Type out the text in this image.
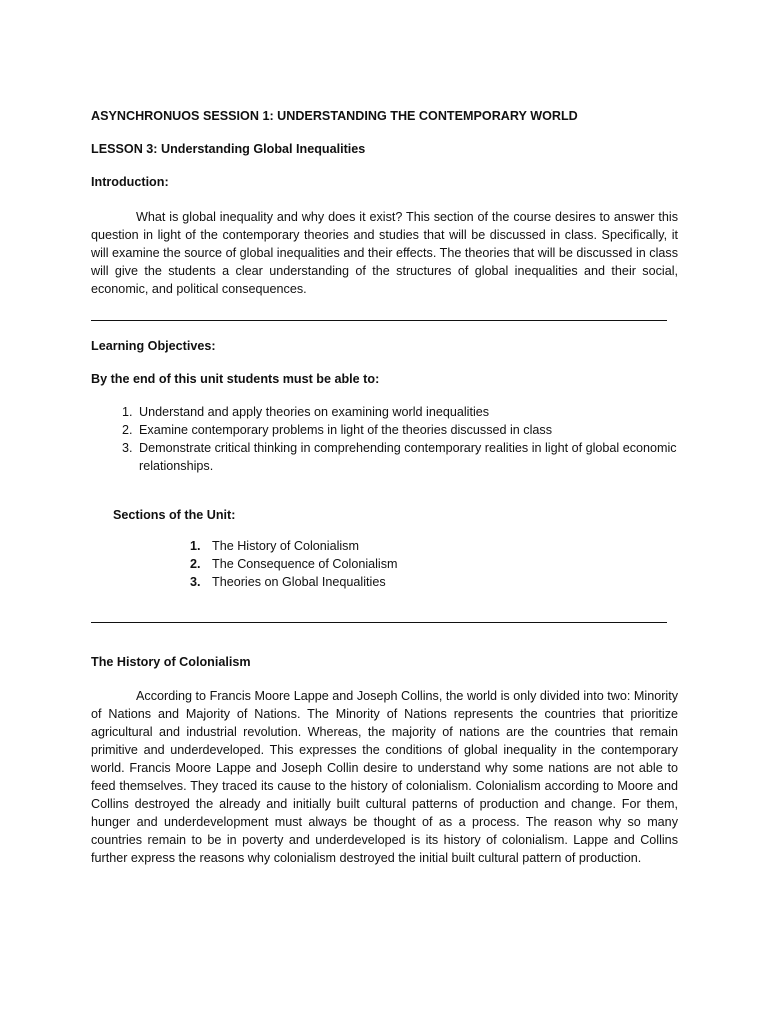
ASYNCHRONUOS SESSION 1: UNDERSTANDING THE CONTEMPORARY WORLD

LESSON 3: Understanding Global Inequalities

Introduction:

What is global inequality and why does it exist? This section of the course desires to answer this question in light of the contemporary theories and studies that will be discussed in class. Specifically, it will examine the source of global inequalities and their effects. The theories that will be discussed in class will give the students a clear understanding of the structures of global inequalities and their social, economic, and political consequences.

Learning Objectives:

By the end of this unit students must be able to:

1. Understand and apply theories on examining world inequalities
2. Examine contemporary problems in light of the theories discussed in class
3. Demonstrate critical thinking in comprehending contemporary realities in light of global economic relationships.
Sections of the Unit:
1. The History of Colonialism
2. The Consequence of Colonialism
3. Theories on Global Inequalities

The History of Colonialism

According to Francis Moore Lappe and Joseph Collins, the world is only divided into two: Minority of Nations and Majority of Nations. The Minority of Nations represents the countries that prioritize agricultural and industrial revolution. Whereas, the majority of nations are the countries that remain primitive and underdeveloped. This expresses the conditions of global inequality in the contemporary world. Francis Moore Lappe and Joseph Collin desire to understand why some nations are not able to feed themselves. They traced its cause to the history of colonialism. Colonialism according to Moore and Collins destroyed the already and initially built cultural patterns of production and change. For them, hunger and underdevelopment must always be thought of as a process. The reason why so many countries remain to be in poverty and underdeveloped is its history of colonialism. Lappe and Collins further express the reasons why colonialism destroyed the initial built cultural pattern of production.
